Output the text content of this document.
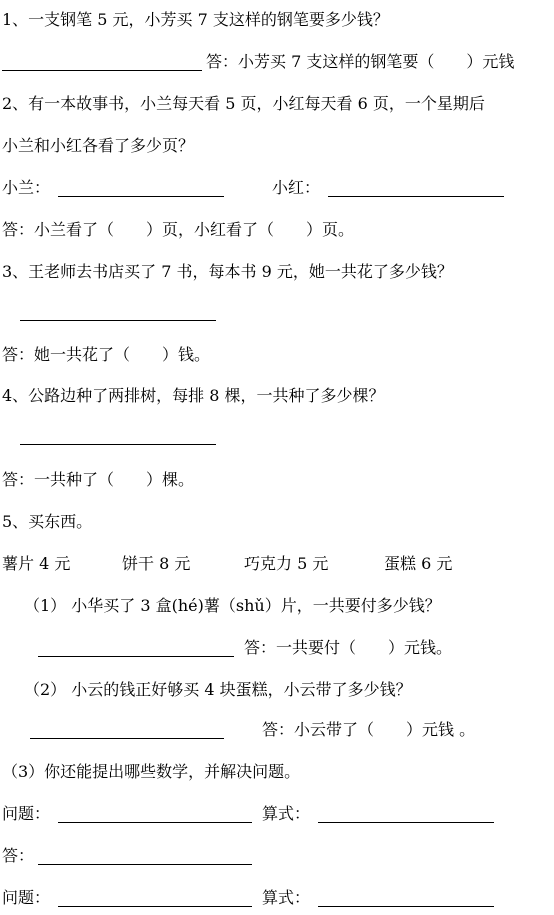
1、一支钢笔 5 元，小芳买 7 支这样的钢笔要多少钱？
答：小芳买 7 支这样的钢笔要（　　）元钱
2、有一本故事书，小兰每天看 5 页，小红每天看 6 页，一个星期后
小兰和小红各看了多少页？
小兰：	小红：
答：小兰看了（　　）页，小红看了（　　）页。
3、王老师去书店买了 7 书，每本书 9 元，她一共花了多少钱？
答：她一共花了（　　）钱。
4、公路边种了两排树，每排 8 棵，一共种了多少棵？
答：一共种了（　　）棵。
5、买东西。
薯片 4 元	饼干 8 元	巧克力 5 元	蛋糕 6 元
（1） 小华买了 3 盒(hé)薯（shǔ）片，一共要付多少钱？
答：一共要付（　　）元钱。
（2） 小云的钱正好够买 4 块蛋糕，小云带了多少钱？
答：小云带了（　　）元钱 。
（3）你还能提出哪些数学，并解决问题。
问题：	算式：
答：
问题：	算式：
